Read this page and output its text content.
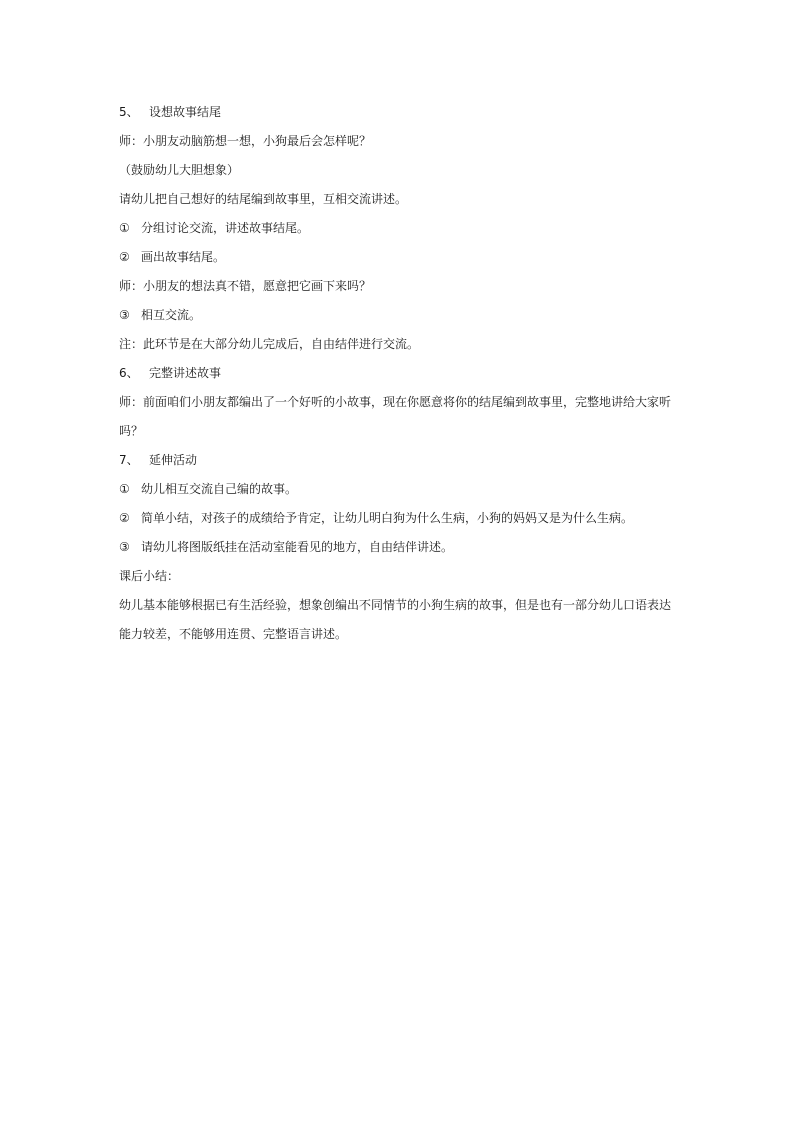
5、 设想故事结尾
师：小朋友动脑筋想一想，小狗最后会怎样呢？
（鼓励幼儿大胆想象）
请幼儿把自己想好的结尾编到故事里，互相交流讲述。
① 分组讨论交流，讲述故事结尾。
② 画出故事结尾。
师：小朋友的想法真不错，愿意把它画下来吗？
③ 相互交流。
注：此环节是在大部分幼儿完成后，自由结伴进行交流。
6、 完整讲述故事
师：前面咱们小朋友都编出了一个好听的小故事，现在你愿意将你的结尾编到故事里，完整地讲给大家听吗？
7、 延伸活动
① 幼儿相互交流自己编的故事。
② 简单小结，对孩子的成绩给予肯定，让幼儿明白狗为什么生病，小狗的妈妈又是为什么生病。
③ 请幼儿将图版纸挂在活动室能看见的地方，自由结伴讲述。
课后小结：
幼儿基本能够根据已有生活经验，想象创编出不同情节的小狗生病的故事，但是也有一部分幼儿口语表达能力较差，不能够用连贯、完整语言讲述。
